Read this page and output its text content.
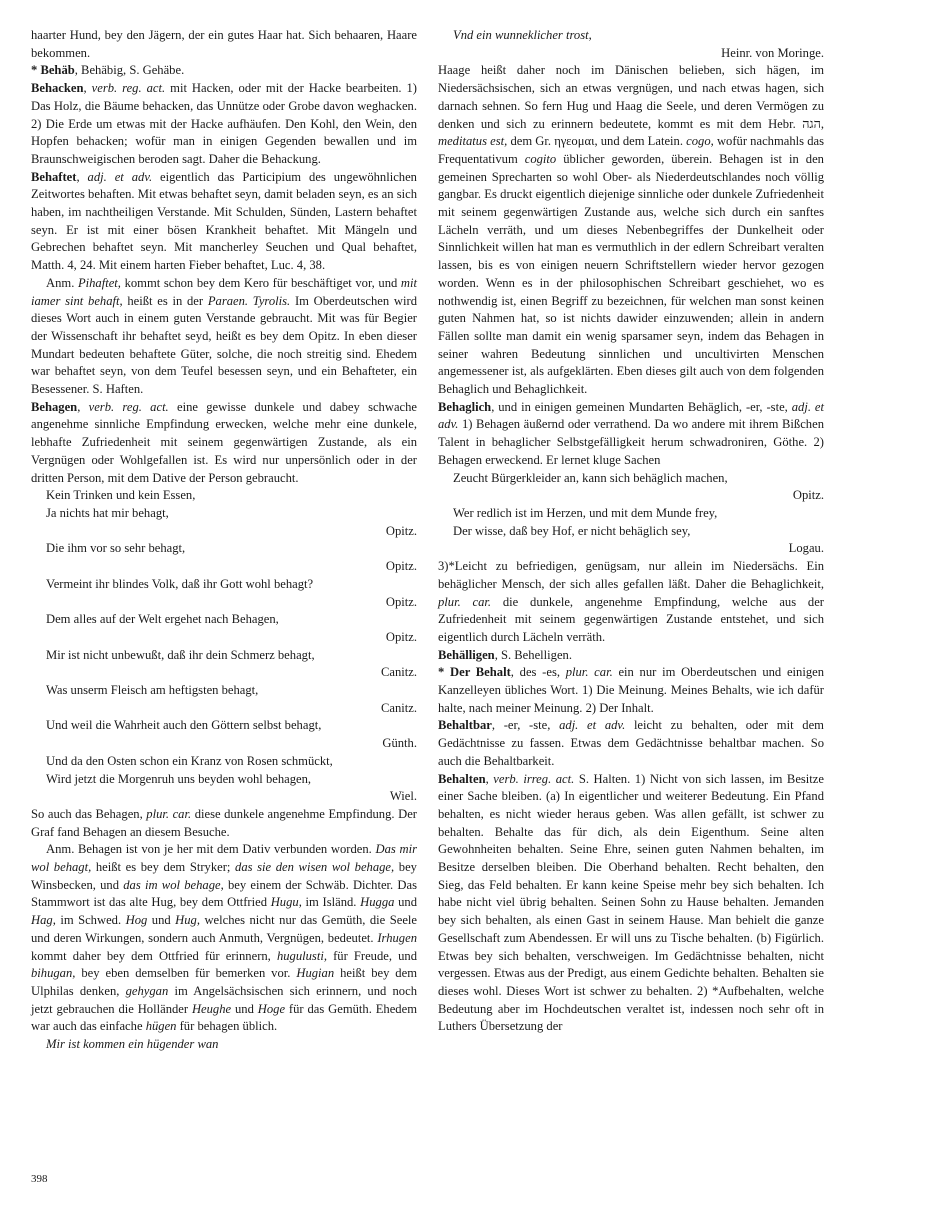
haarter Hund, bey den Jägern, der ein gutes Haar hat. Sich behaaren, Haare bekommen.

* Behäb, Behäbig, S. Gehäbe.

Behacken, verb. reg. act. mit Hacken, oder mit der Hacke bearbeiten. 1) Das Holz, die Bäume behacken, das Unnütze oder Grobe davon weghacken. 2) Die Erde um etwas mit der Hacke aufhäufen. Den Kohl, den Wein, den Hopfen behacken; wofür man in einigen Gegenden bewallen und im Braunschweigischen beroden sagt. Daher die Behackung.

Behaftet, adj. et adv. eigentlich das Participium des ungewöhnlichen Zeitwortes behaften. Mit etwas behaftet seyn, damit beladen seyn, es an sich haben, im nachtheiligen Verstande. Mit Schulden, Sünden, Lastern behaftet seyn. Er ist mit einer bösen Krankheit behaftet. Mit Mängeln und Gebrechen behaftet seyn. Mit mancherley Seuchen und Qual behaftet, Matth. 4, 24. Mit einem harten Fieber behaftet, Luc. 4, 38.

Anm. Pihaftet, kommt schon bey dem Kero für beschäftiget vor, und mit iamer sint behaft, heißt es in der Paraen. Tyrolis. Im Oberdeutschen wird dieses Wort auch in einem guten Verstande gebraucht. Mit was für Begier der Wissenschaft ihr behaftet seyd, heißt es bey dem Opitz. In eben dieser Mundart bedeuten behaftete Güter, solche, die noch streitig sind. Ehedem war behaftet seyn, von dem Teufel besessen seyn, und ein Behafteter, ein Besessener. S. Haften.

Behagen, verb. reg. act. eine gewisse dunkele und dabey schwache angenehme sinnliche Empfindung erwecken, welche mehr eine dunkele, lebhafte Zufriedenheit mit seinem gegenwärtigen Zustande, als ein Vergnügen oder Wohlgefallen ist. Es wird nur unpersönlich oder in der dritten Person, mit dem Dative der Person gebraucht.

Kein Trinken und kein Essen,
Ja nichts hat mir behagt,
Opitz.
Die ihm vor so sehr behagt,
Opitz.
Vermeint ihr blindes Volk, daß ihr Gott wohl behagt?
Opitz.
Dem alles auf der Welt ergehet nach Behagen,
Opitz.
Mir ist nicht unbewußt, daß ihr dein Schmerz behagt,
Canitz.
Was unserm Fleisch am heftigsten behagt,
Canitz.
Und weil die Wahrheit auch den Göttern selbst behagt,
Günth.
Und da den Osten schon ein Kranz von Rosen schmückt,
Wird jetzt die Morgenruh uns beyden wohl behagen,
Wiel.

So auch das Behagen, plur. car. diese dunkele angenehme Empfindung. Der Graf fand Behagen an diesem Besuche.

Anm. Behagen ist von je her mit dem Dativ verbunden worden. Das mir wol behagt, heißt es bey dem Stryker; das sie den wisen wol behage, bey Winsbecken, und das im wol behage, bey einem der Schwäb. Dichter. Das Stammwort ist das alte Hug, bey dem Ottfried Hugu, im Isländ. Hugga und Hag, im Schwed. Hog und Hug, welches nicht nur das Gemüth, die Seele und deren Wirkungen, sondern auch Anmuth, Vergnügen, bedeutet. Irhugen kommt daher bey dem Ottfried für erinnern, hugulusti, für Freude, und bihugan, bey eben demselben für bemerken vor. Hugian heißt bey dem Ulphilas denken, gehygan im Angelsächsischen sich erinnern, und noch jetzt gebrauchen die Holländer Heughe und Hoge für das Gemüth. Ehedem war auch das einfache hügen für behagen üblich.

Mir ist kommen ein hügender wan
Vnd ein wunneklicher trost,
Heinr. von Moringe.

Haage heißt daher noch im Dänischen belieben, sich hägen, im Niedersächsischen, sich an etwas vergnügen, und nach etwas hagen, sich darnach sehnen. So fern Hug und Haag die Seele, und deren Vermögen zu denken und sich zu erinnern bedeutete, kommt es mit dem Hebr. הגה, meditatus est, dem Gr. ηγεομαι, und dem Latein. cogo, wofür nachmahls das Frequentativum cogito üblicher geworden, überein. Behagen ist in den gemeinen Sprecharten so wohl Ober- als Niederdeutschlandes noch völlig gangbar. Es druckt eigentlich diejenige sinnliche oder dunkele Zufriedenheit mit seinem gegenwärtigen Zustande aus, welche sich durch ein sanftes Lächeln verräth, und um dieses Nebenbegriffes der Dunkelheit oder Sinnlichkeit willen hat man es vermuthlich in der edlern Schreibart veralten lassen, bis es von einigen neuern Schriftstellern wieder hervor gezogen worden. Wenn es in der philosophischen Schreibart geschiehet, wo es nothwendig ist, einen Begriff zu bezeichnen, für welchen man sonst keinen guten Nahmen hat, so ist nichts dawider einzuwenden; allein in andern Fällen sollte man damit ein wenig sparsamer seyn, indem das Behagen in seiner wahren Bedeutung sinnlichen und uncultivirten Menschen angemessener ist, als aufgeklärten. Eben dieses gilt auch von dem folgenden Behaglich und Behaglichkeit.

Behaglich, und in einigen gemeinen Mundarten Behäglich, -er, -ste, adj. et adv. 1) Behagen äußernd oder verrathend. Da wo andere mit ihrem Bißchen Talent in behaglicher Selbstgefälligkeit herum schwadroniren, Göthe. 2) Behagen erweckend. Er lernet kluge Sachen

Zeucht Bürgerkleider an, kann sich behäglich machen,
Opitz.
Wer redlich ist im Herzen, und mit dem Munde frey,
Der wisse, daß bey Hof, er nicht behäglich sey,
Logau.

3)*Leicht zu befriedigen, genügsam, nur allein im Niedersächs. Ein behäglicher Mensch, der sich alles gefallen läßt. Daher die Behaglichkeit, plur. car. die dunkele, angenehme Empfindung, welche aus der Zufriedenheit mit seinem gegenwärtigen Zustande entstehet, und sich eigentlich durch Lächeln verräth.

Behälligen, S. Behelligen.

* Der Behalt, des -es, plur. car. ein nur im Oberdeutschen und einigen Kanzelleyen übliches Wort. 1) Die Meinung. Meines Behalts, wie ich dafür halte, nach meiner Meinung. 2) Der Inhalt.

Behaltbar, -er, -ste, adj. et adv. leicht zu behalten, oder mit dem Gedächtnisse zu fassen. Etwas dem Gedächtnisse behaltbar machen. So auch die Behaltbarkeit.

Behalten, verb. irreg. act. S. Halten. 1) Nicht von sich lassen, im Besitze einer Sache bleiben. (a) In eigentlicher und weiterer Bedeutung. Ein Pfand behalten, es nicht wieder heraus geben. Was allen gefällt, ist schwer zu behalten. Behalte das für dich, als dein Eigenthum. Seine alten Gewohnheiten behalten. Seine Ehre, seinen guten Nahmen behalten, im Besitze derselben bleiben. Die Oberhand behalten. Recht behalten, den Sieg, das Feld behalten. Er kann keine Speise mehr bey sich behalten. Ich habe nicht viel übrig behalten. Seinen Sohn zu Hause behalten. Jemanden bey sich behalten, als einen Gast in seinem Hause. Man behielt die ganze Gesellschaft zum Abendessen. Er will uns zu Tische behalten. (b) Figürlich. Etwas bey sich behalten, verschweigen. Im Gedächtnisse behalten, nicht vergessen. Etwas aus der Predigt, aus einem Gedichte behalten. Behalten sie dieses wohl. Dieses Wort ist schwer zu behalten. 2) *Aufbehalten, welche Bedeutung aber im Hochdeutschen veraltet ist, indessen noch sehr oft in Luthers Übersetzung der

398
